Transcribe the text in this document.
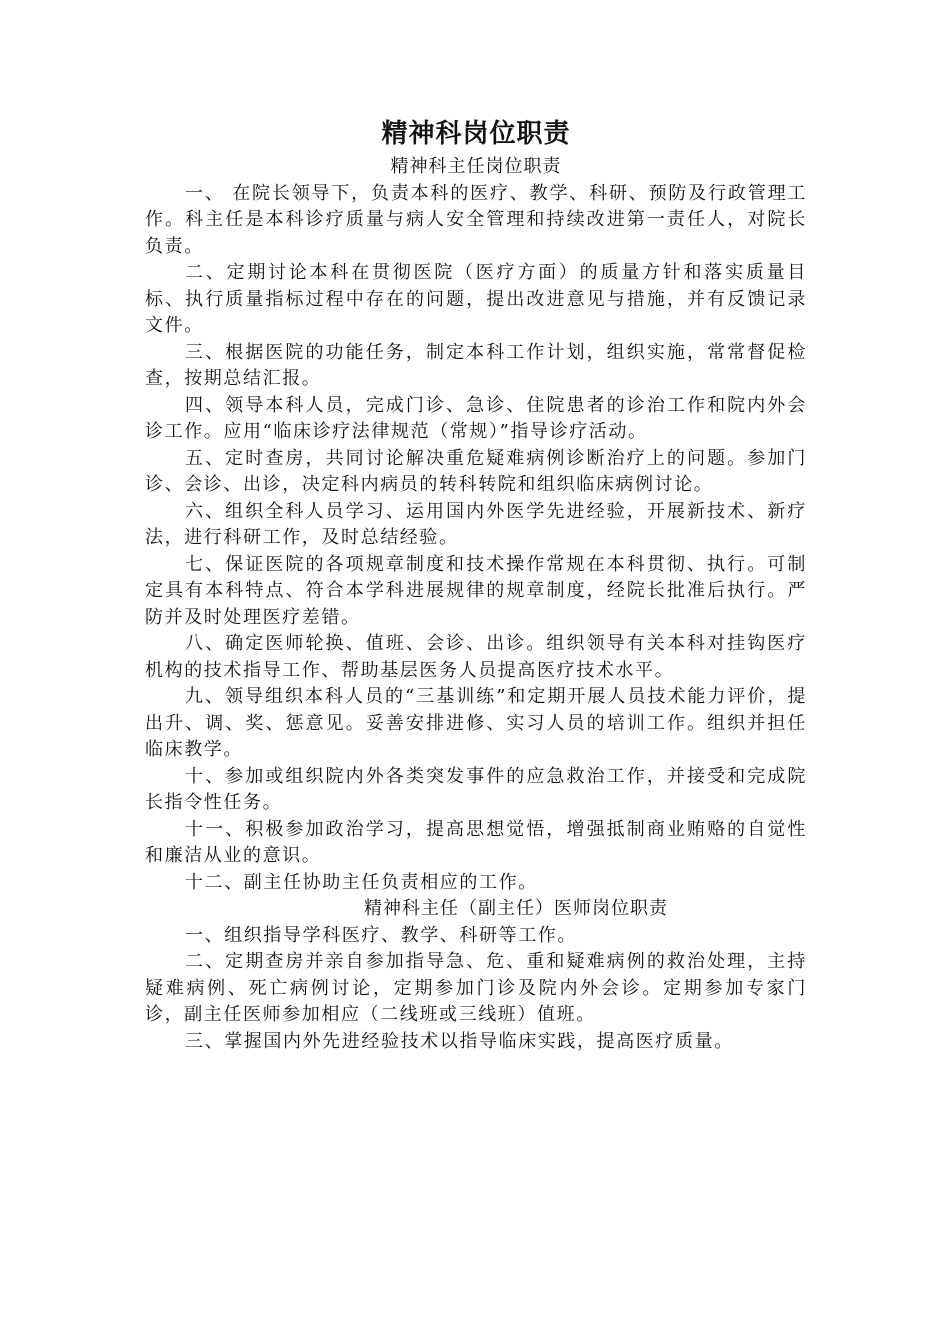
精神科岗位职责
精神科主任岗位职责

一、 在院长领导下，负责本科的医疗、教学、科研、预防及行政管理工作。科主任是本科诊疗质量与病人安全管理和持续改进第一责任人，对院长负责。

二、定期讨论本科在贯彻医院（医疗方面）的质量方针和落实质量目标、执行质量指标过程中存在的问题，提出改进意见与措施，并有反馈记录文件。

三、根据医院的功能任务，制定本科工作计划，组织实施，常常督促检查，按期总结汇报。

四、领导本科人员，完成门诊、急诊、住院患者的诊治工作和院内外会诊工作。应用“临床诊疗法律规范（常规）”指导诊疗活动。

五、定时查房，共同讨论解决重危疑难病例诊断治疗上的问题。参加门诊、会诊、出诊，决定科内病员的转科转院和组织临床病例讨论。

六、组织全科人员学习、运用国内外医学先进经验，开展新技术、新疗法，进行科研工作，及时总结经验。

七、保证医院的各项规章制度和技术操作常规在本科贯彻、执行。可制定具有本科特点、符合本学科进展规律的规章制度，经院长批准后执行。严防并及时处理医疗差错。

八、确定医师轮换、值班、会诊、出诊。组织领导有关本科对挂钩医疗机构的技术指导工作、帮助基层医务人员提高医疗技术水平。

九、领导组织本科人员的“三基训练”和定期开展人员技术能力评价，提出升、调、奖、惩意见。妥善安排进修、实习人员的培训工作。组织并担任临床教学。

十、参加或组织院内外各类突发事件的应急救治工作，并接受和完成院长指令性任务。

十一、积极参加政治学习，提高思想觉悟，增强抵制商业贿赂的自觉性和廉洁从业的意识。

十二、副主任协助主任负责相应的工作。

精神科主任（副主任）医师岗位职责

一、组织指导学科医疗、教学、科研等工作。

二、定期查房并亲自参加指导急、危、重和疑难病例的救治处理，主持疑难病例、死亡病例讨论，定期参加门诊及院内外会诊。定期参加专家门诊，副主任医师参加相应（二线班或三线班）值班。

三、掌握国内外先进经验技术以指导临床实践，提高医疗质量。
